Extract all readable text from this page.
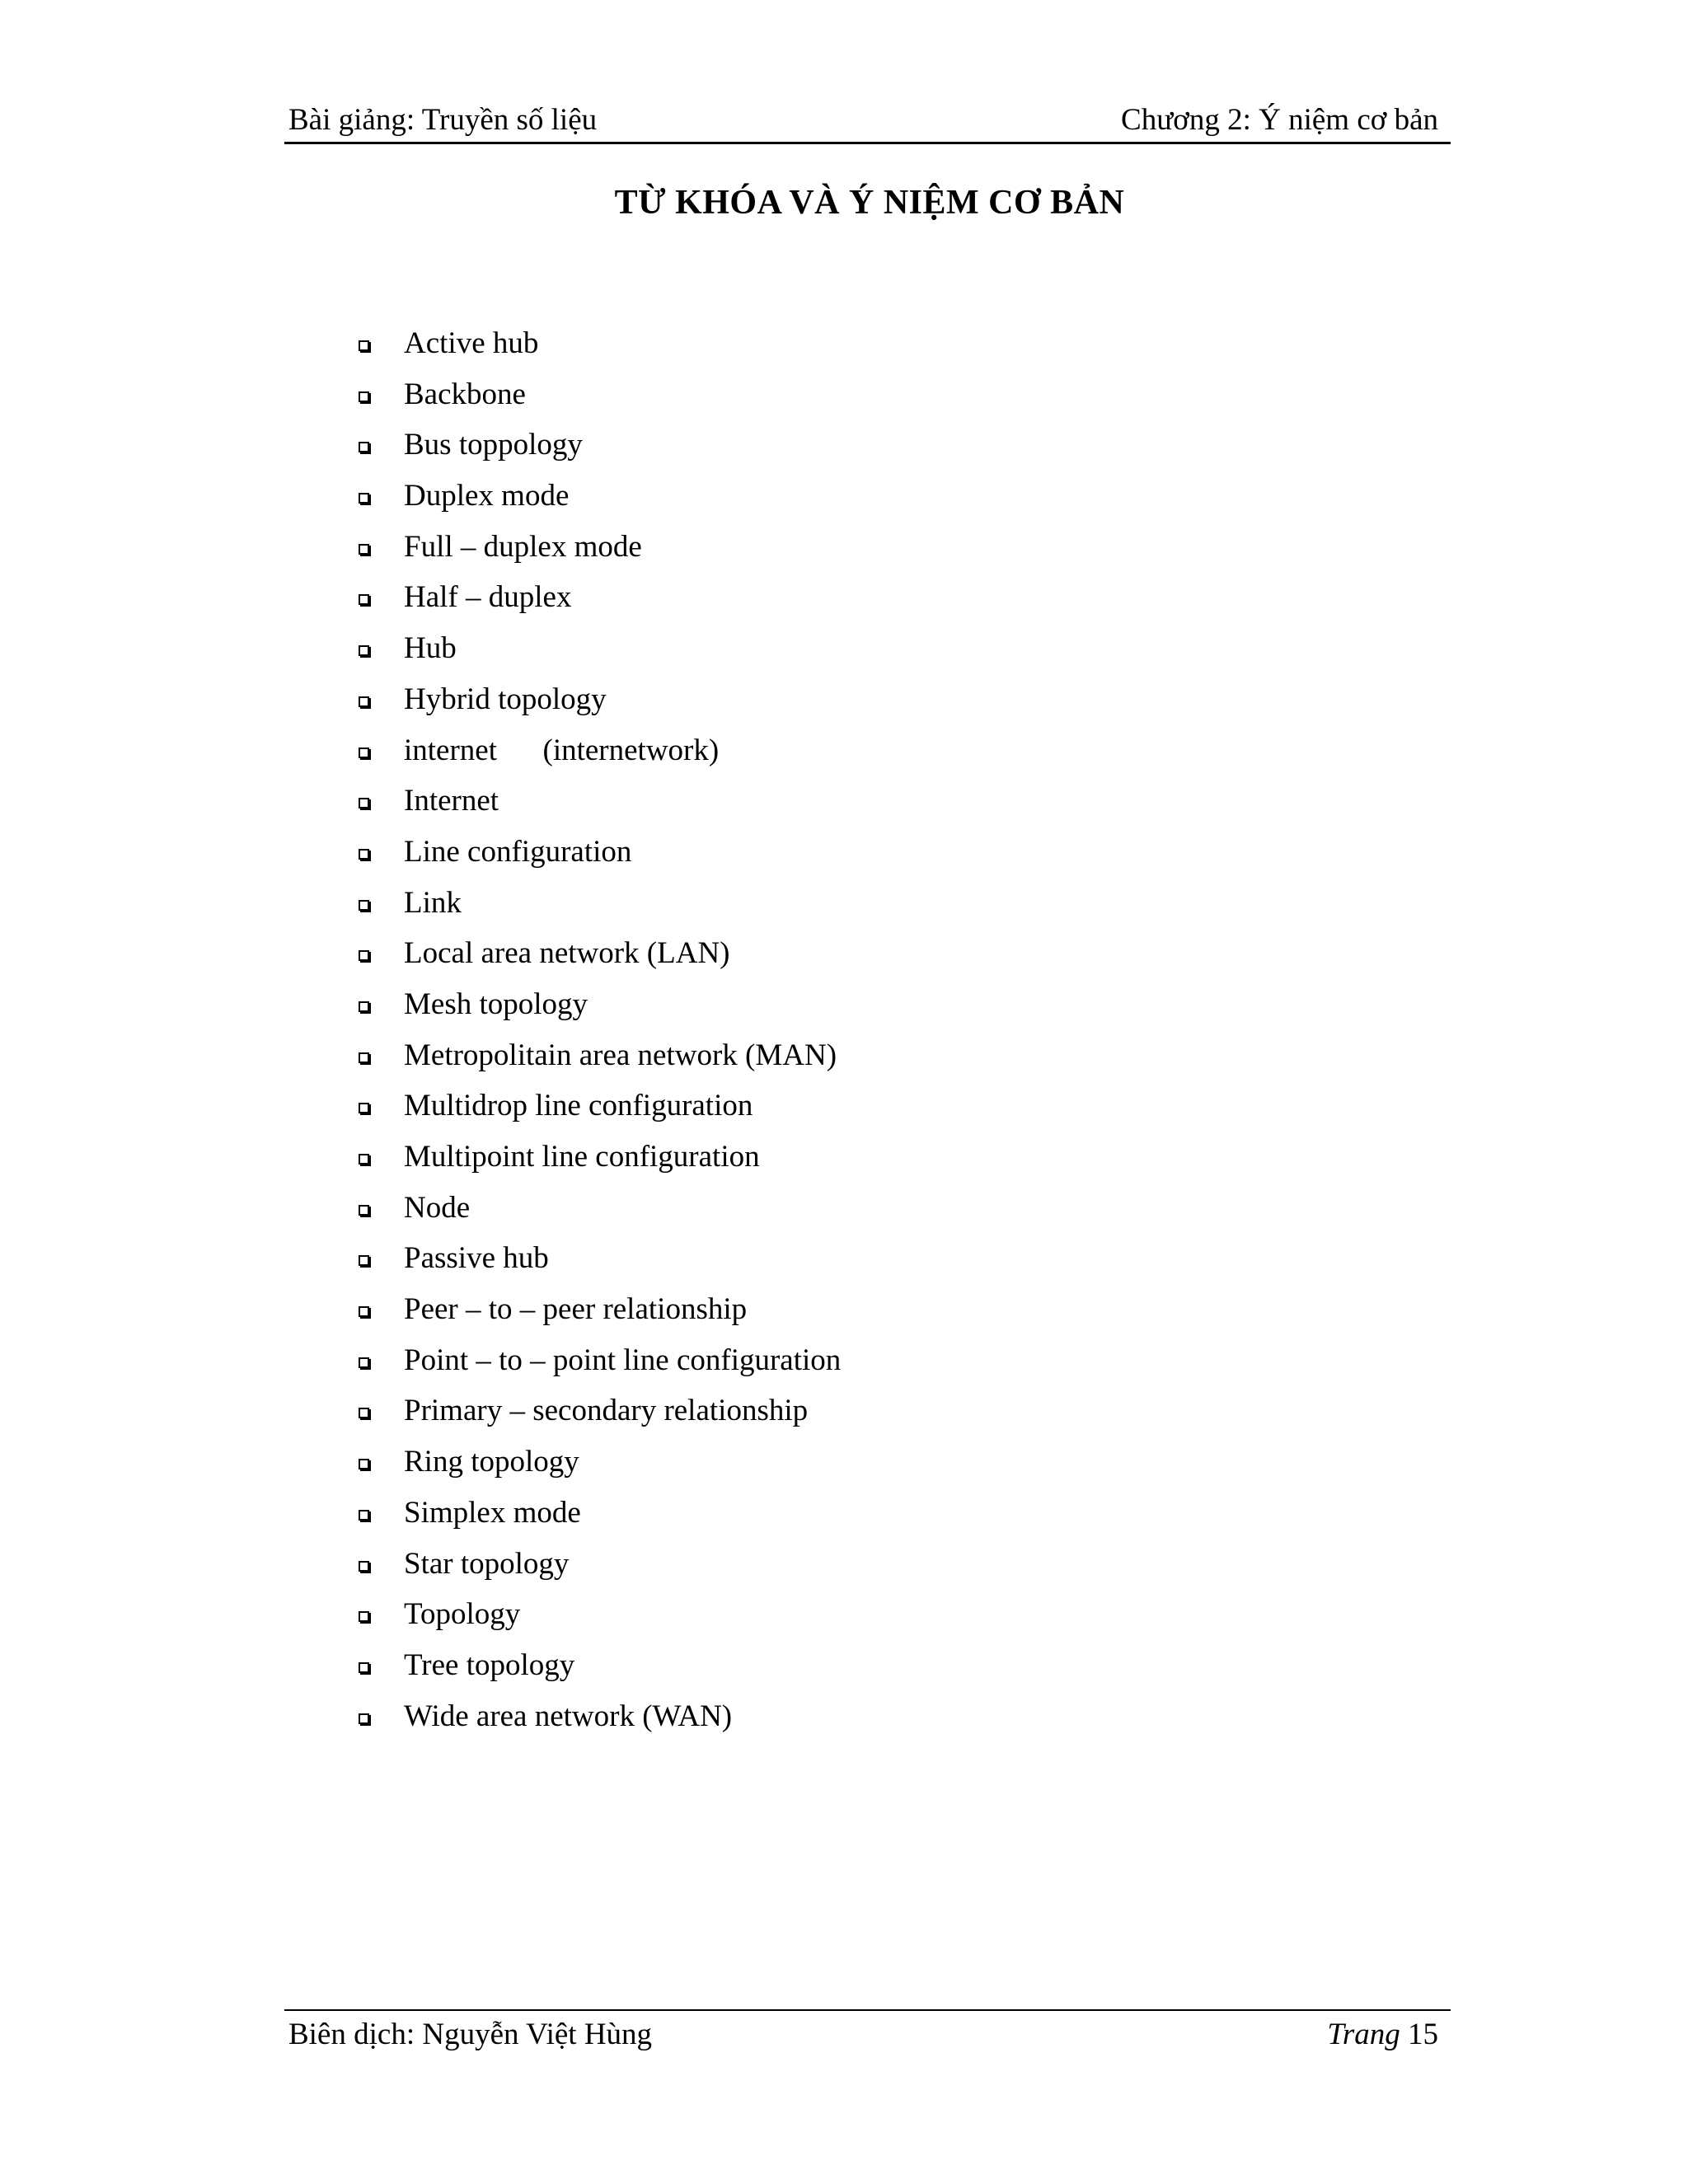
Bài giảng: Truyền số liệu	Chương 2: Ý niệm cơ bản
TỪ KHÓA VÀ Ý NIỆM CƠ BẢN
Active hub
Backbone
Bus toppology
Duplex mode
Full – duplex mode
Half – duplex
Hub
Hybrid topology
internet      (internetwork)
Internet
Line configuration
Link
Local area network (LAN)
Mesh topology
Metropolitain area network (MAN)
Multidrop line configuration
Multipoint line configuration
Node
Passive hub
Peer – to – peer relationship
Point – to – point line configuration
Primary – secondary relationship
Ring topology
Simplex mode
Star topology
Topology
Tree topology
Wide area network (WAN)
Biên dịch: Nguyễn Việt Hùng	Trang 15
